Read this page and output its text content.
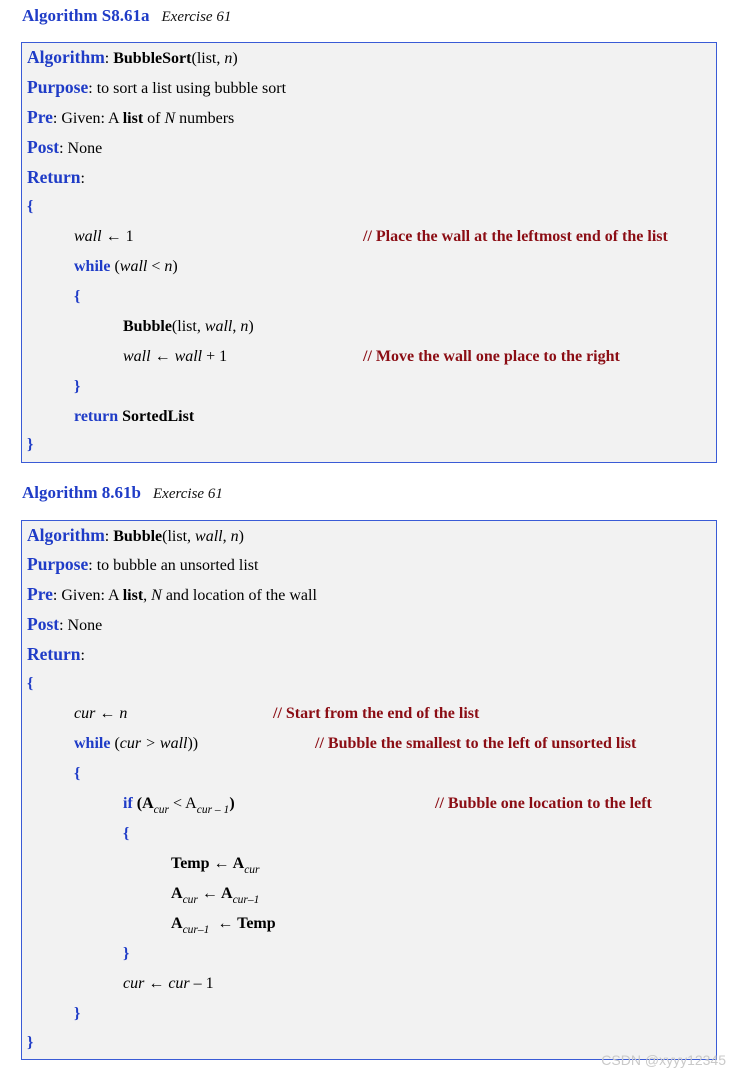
Algorithm S8.61a Exercise 61
Algorithm: BubbleSort(list, n)
Purpose: to sort a list using bubble sort
Pre: Given: A list of N numbers
Post: None
Return:
{
wall ← 1	// Place the wall at the leftmost end of the list
while (wall < n)
{
Bubble(list, wall, n)
wall ← wall + 1	// Move the wall one place to the right
}
return SortedList
}
Algorithm 8.61b Exercise 61
Algorithm: Bubble(list, wall, n)
Purpose: to bubble an unsorted list
Pre: Given: A list, N and location of the wall
Post: None
Return:
{
cur ← n	// Start from the end of the list
while (cur > wall))	// Bubble the smallest to the left of unsorted list
{
if $(A_{cur} < A_{cur - 1})$	// Bubble one location to the left
{
Temp ← $A_{cur}$
$A_{cur}$ ← $A_{cur-1}$
$A_{cur-1}$  ← Temp
}
cur ← cur – 1
}
}
CSDN @xyyy12345
